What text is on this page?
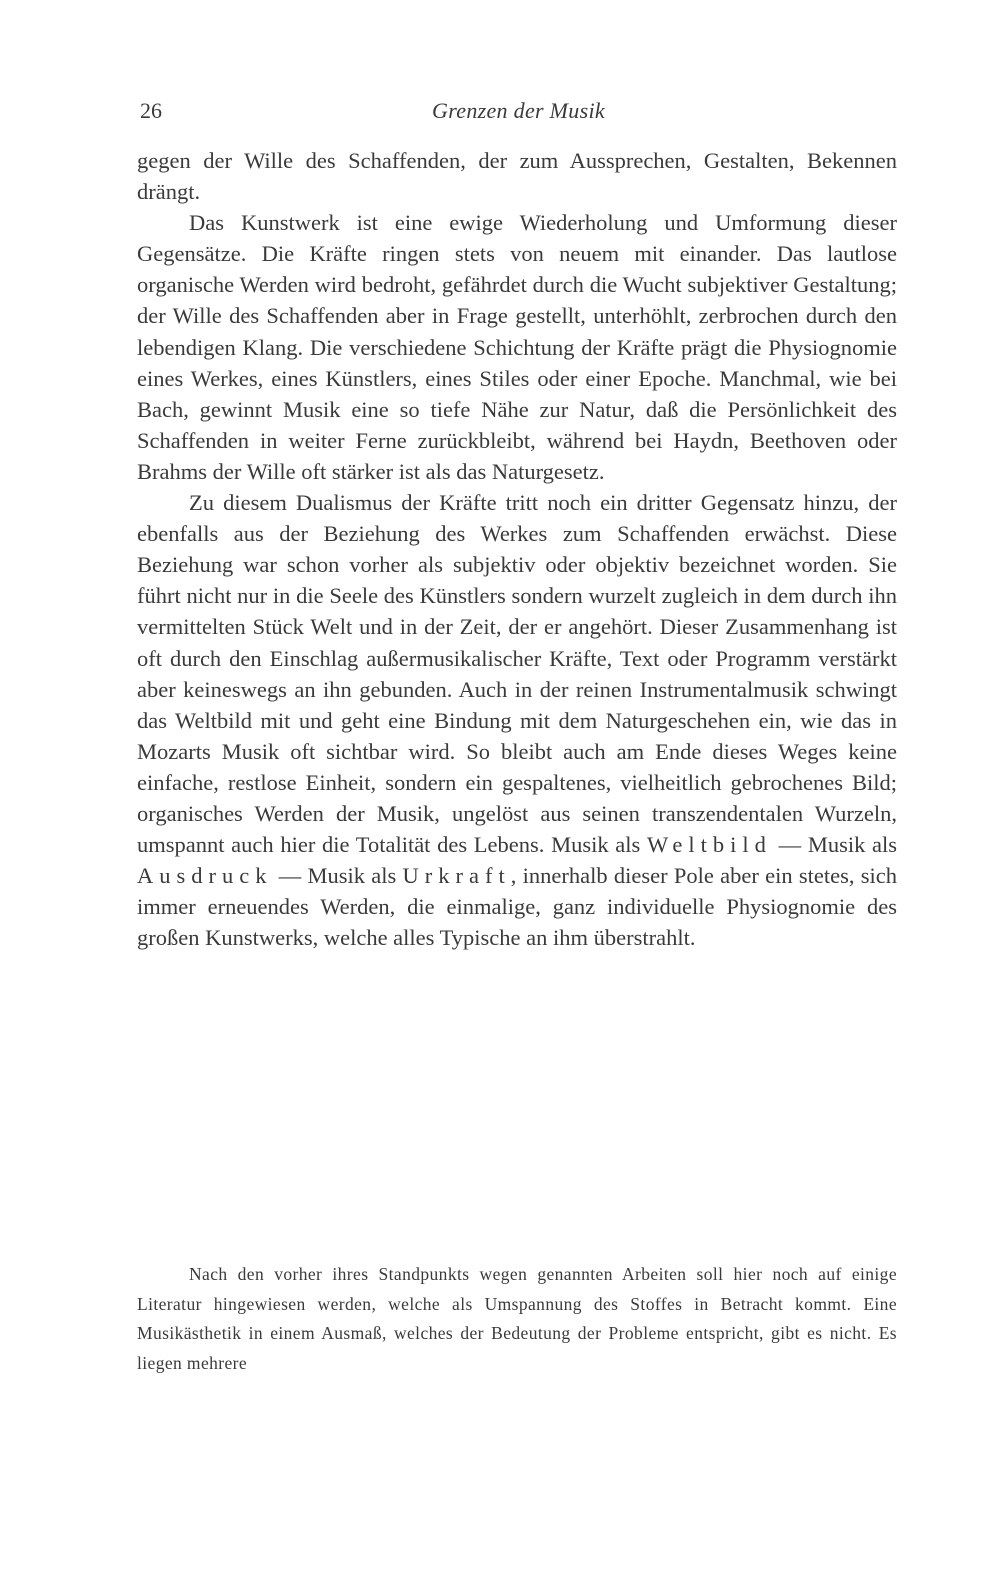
26	Grenzen der Musik

gegen der Wille des Schaffenden, der zum Aussprechen, Gestalten, Bekennen drängt.

Das Kunstwerk ist eine ewige Wiederholung und Umformung dieser Gegensätze. Die Kräfte ringen stets von neuem mit einander. Das lautlose organische Werden wird bedroht, gefährdet durch die Wucht subjektiver Gestaltung; der Wille des Schaffenden aber in Frage gestellt, unterhöhlt, zerbrochen durch den lebendigen Klang. Die verschiedene Schichtung der Kräfte prägt die Physiognomie eines Werkes, eines Künstlers, eines Stiles oder einer Epoche. Manchmal, wie bei Bach, gewinnt Musik eine so tiefe Nähe zur Natur, daß die Persönlichkeit des Schaffenden in weiter Ferne zurückbleibt, während bei Haydn, Beethoven oder Brahms der Wille oft stärker ist als das Naturgesetz.

Zu diesem Dualismus der Kräfte tritt noch ein dritter Gegensatz hinzu, der ebenfalls aus der Beziehung des Werkes zum Schaffenden erwächst. Diese Beziehung war schon vorher als subjektiv oder objektiv bezeichnet worden. Sie führt nicht nur in die Seele des Künstlers sondern wurzelt zugleich in dem durch ihn vermittelten Stück Welt und in der Zeit, der er angehört. Dieser Zusammenhang ist oft durch den Einschlag außermusikalischer Kräfte, Text oder Programm verstärkt aber keineswegs an ihn gebunden. Auch in der reinen Instrumentalmusik schwingt das Weltbild mit und geht eine Bindung mit dem Naturgeschehen ein, wie das in Mozarts Musik oft sichtbar wird. So bleibt auch am Ende dieses Weges keine einfache, restlose Einheit, sondern ein gespaltenes, vielheitlich gebrochenes Bild; organisches Werden der Musik, ungelöst aus seinen transzendentalen Wurzeln, umspannt auch hier die Totalität des Lebens. Musik als Weltbild — Musik als Ausdruck — Musik als Urkraft, innerhalb dieser Pole aber ein stetes, sich immer erneuendes Werden, die einmalige, ganz individuelle Physiognomie des großen Kunstwerks, welche alles Typische an ihm überstrahlt.

Nach den vorher ihres Standpunkts wegen genannten Arbeiten soll hier noch auf einige Literatur hingewiesen werden, welche als Umspannung des Stoffes in Betracht kommt. Eine Musikästhetik in einem Ausmaß, welches der Bedeutung der Probleme entspricht, gibt es nicht. Es liegen mehrere
